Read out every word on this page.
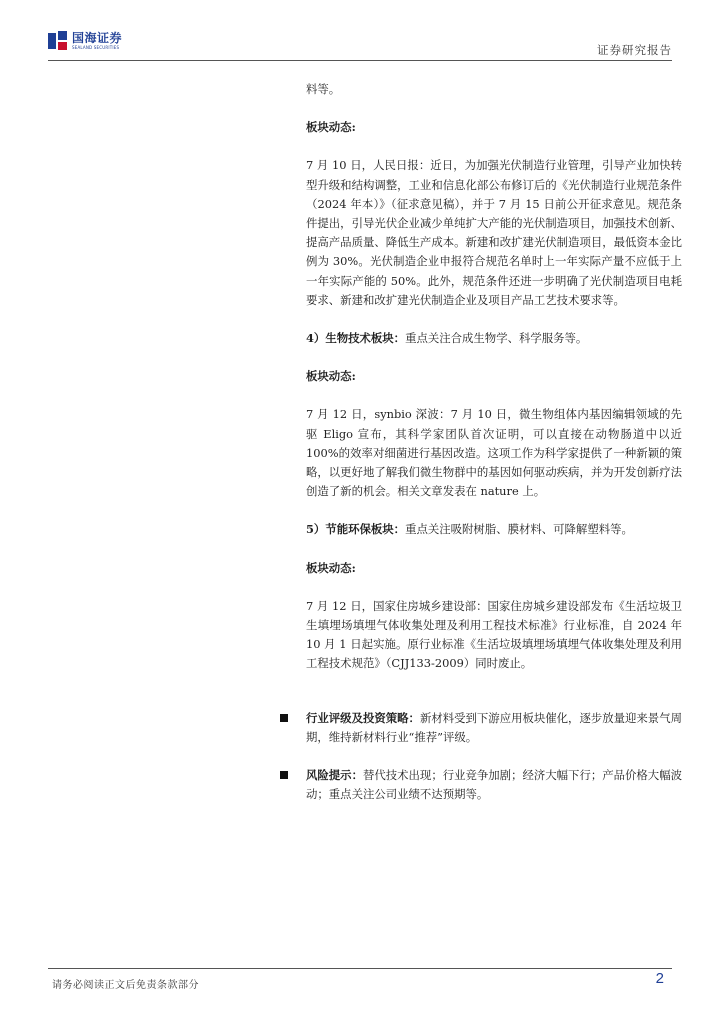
国海证券
SEALAND SECURITIES	证券研究报告

料等。

板块动态:

7 月 10 日，人民日报：近日，为加强光伏制造行业管理，引导产业加快转型升级和结构调整，工业和信息化部公布修订后的《光伏制造行业规范条件（2024 年本）》（征求意见稿），并于 7 月 15 日前公开征求意见。规范条件提出，引导光伏企业减少单纯扩大产能的光伏制造项目，加强技术创新、提高产品质量、降低生产成本。新建和改扩建光伏制造项目，最低资本金比例为 30%。光伏制造企业申报符合规范名单时上一年实际产量不应低于上一年实际产能的 50%。此外，规范条件还进一步明确了光伏制造项目电耗要求、新建和改扩建光伏制造企业及项目产品工艺技术要求等。

4）生物技术板块：重点关注合成生物学、科学服务等。

板块动态:

7 月 12 日，synbio 深波：7 月 10 日，微生物组体内基因编辑领域的先驱 Eligo 宣布，其科学家团队首次证明，可以直接在动物肠道中以近 100%的效率对细菌进行基因改造。这项工作为科学家提供了一种新颖的策略，以更好地了解我们微生物群中的基因如何驱动疾病，并为开发创新疗法创造了新的机会。相关文章发表在 nature 上。

5）节能环保板块：重点关注吸附树脂、膜材料、可降解塑料等。

板块动态:

7 月 12 日，国家住房城乡建设部：国家住房城乡建设部发布《生活垃圾卫生填埋场填埋气体收集处理及利用工程技术标准》行业标准，自 2024 年 10 月 1 日起实施。原行业标准《生活垃圾填埋场填埋气体收集处理及利用工程技术规范》（CJJ133-2009）同时废止。

行业评级及投资策略：新材料受到下游应用板块催化，逐步放量迎来景气周期，维持新材料行业“推荐”评级。

风险提示：替代技术出现；行业竞争加剧；经济大幅下行；产品价格大幅波动；重点关注公司业绩不达预期等。

请务必阅读正文后免责条款部分	2
